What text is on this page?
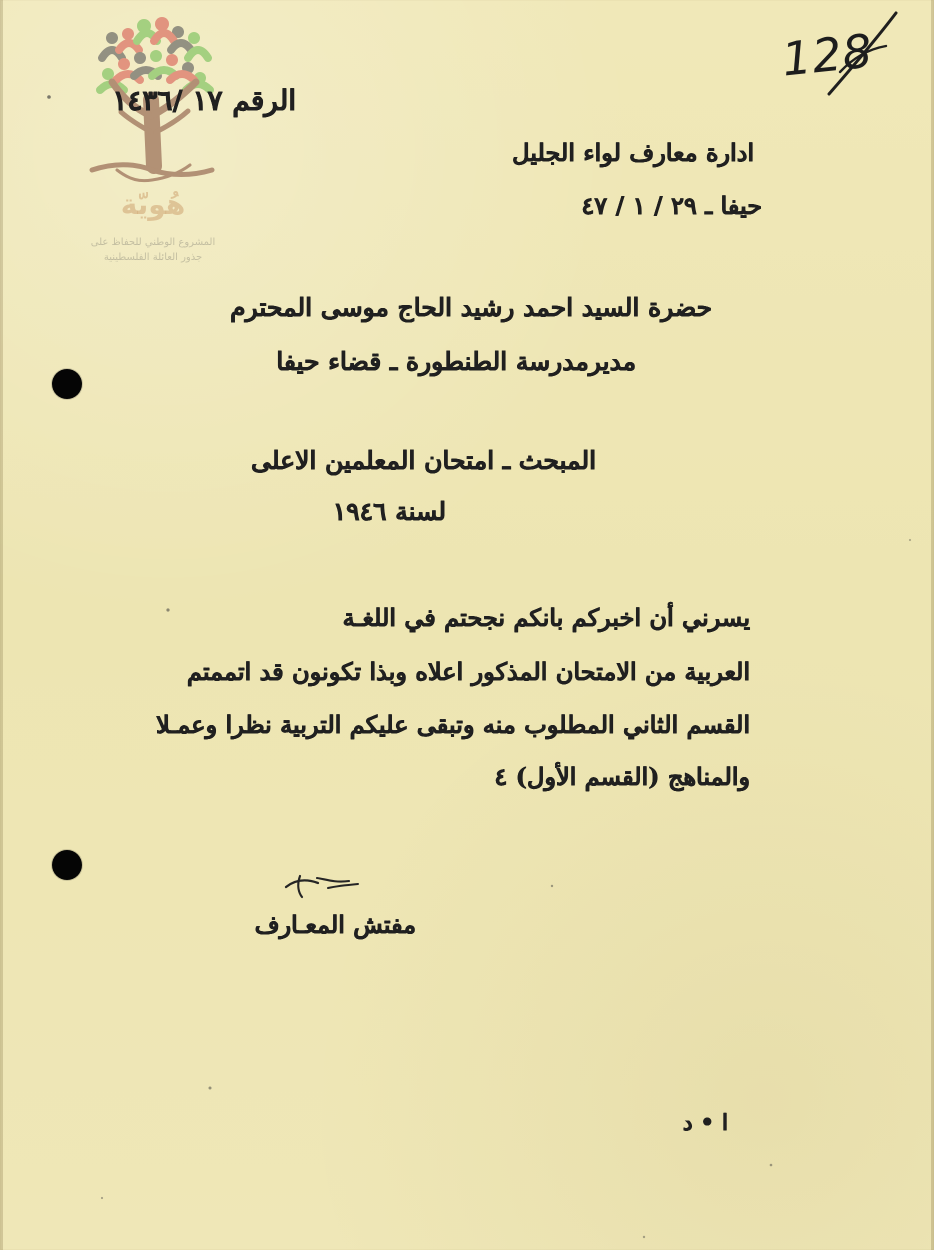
هُويّة
المشروع الوطني للحفاظ على
جذور العائلة الفلسطينية
128
الرقم ١٧ /١٤٣٦
ادارة معارف لواء الجليل
حيفا ـ ٢٩ / ١ / ٤٧
حضرة السيد احمد رشيد الحاج موسى المحترم
مديرمدرسة الطنطورة ـ قضاء حيفا
المبحث ـ امتحان المعلمين الاعلى
لسنة ١٩٤٦
يسرني أن اخبركم بانكم نجحتم في اللغـة
العربية من الامتحان المذكور اعلاه وبذا تكونون قد اتممتم
القسم الثاني المطلوب منه وتبقى عليكم التربية نظرا وعمـلا
والمناهج (القسم الأول) ٤
مفتش المعـارف
ا • د
